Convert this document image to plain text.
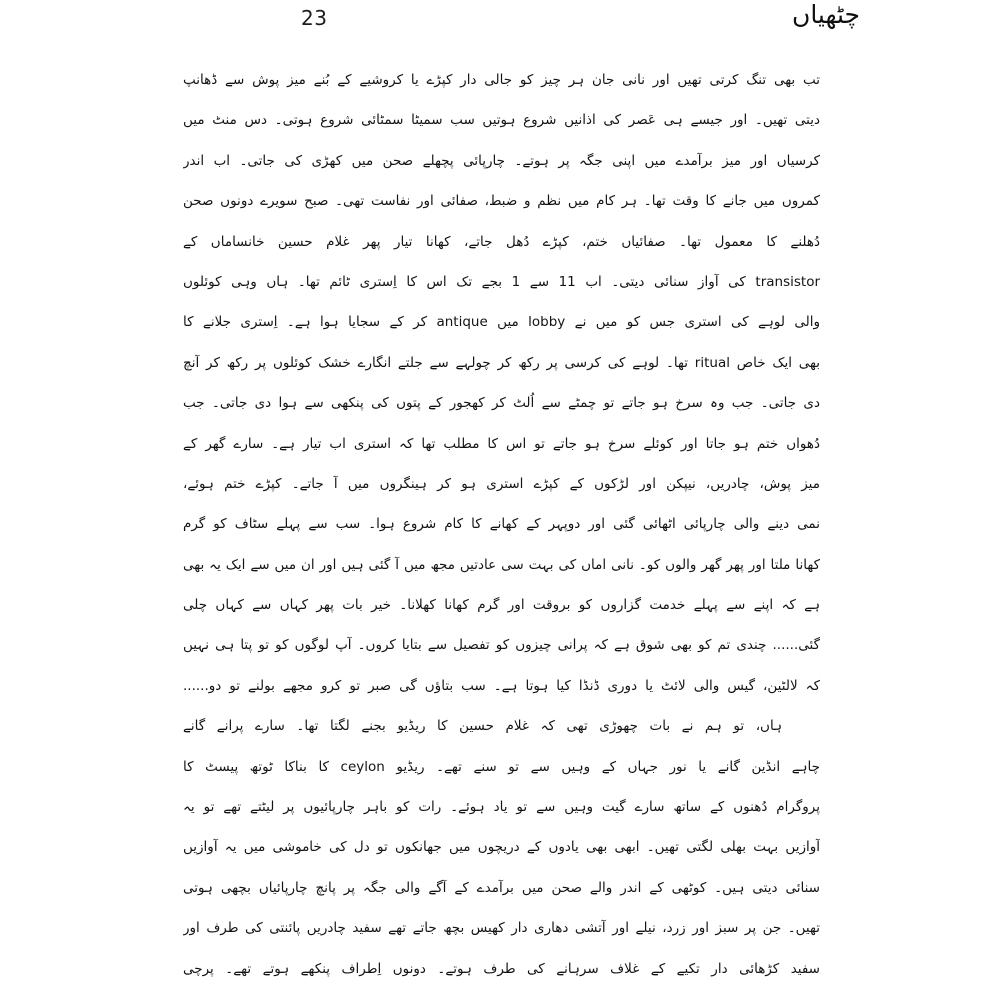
23	چٹھیاں
تب بھی تنگ کرتی تھیں اور نانی جان ہر چیز کو جالی دار کپڑے یا کروشیے کے بُنے میز پوش سے ڈھانپ
دیتی تھیں۔ اور جیسے ہی عَصر کی اذانیں شروع ہوتیں سب سمیٹا سمٹائی شروع ہوتی۔ دس منٹ میں
کرسیاں اور میز برآمدے میں اپنی جگہ پر ہوتے۔ چارپائی پچھلے صحن میں کھڑی کی جاتی۔ اب اندر
کمروں میں جانے کا وقت تھا۔ ہر کام میں نظم و ضبط، صفائی اور نفاست تھی۔ صبح سویرے دونوں صحن
دُھلنے کا معمول تھا۔ صفائیاں ختم، کپڑے دُھل جاتے، کھانا تیار پھر غلام حسین خانساماں کے
transistor کی آواز سنائی دیتی۔ اب 11 سے 1 بجے تک اس کا اِستری ٹائم تھا۔ ہاں وہی کوئلوں
والی لوہے کی استری جس کو میں نے lobby میں antique کر کے سجایا ہوا ہے۔ اِستری جلانے کا
بھی ایک خاص ritual تھا۔ لوہے کی کرسی پر رکھ کر چولہے سے جلتے انگارے خشک کوئلوں پر رکھ کر آنچ
دی جاتی۔ جب وہ سرخ ہو جاتے تو چمٹے سے اُلٹ کر کھجور کے پتوں کی پنکھی سے ہوا دی جاتی۔ جب
دُھواں ختم ہو جاتا اور کوئلے سرخ ہو جاتے تو اس کا مطلب تھا کہ استری اب تیار ہے۔ سارے گھر کے
میز پوش، چادریں، نیپکن اور لڑکوں کے کپڑے استری ہو کر ہینگروں میں آ جاتے۔ کپڑے ختم ہوئے،
نمی دینے والی چارپائی اٹھائی گئی اور دوپہر کے کھانے کا کام شروع ہوا۔ سب سے پہلے سٹاف کو گرم
کھانا ملتا اور پھر گھر والوں کو۔ نانی اماں کی بہت سی عادتیں مجھ میں آ گئی ہیں اور ان میں سے ایک یہ بھی
ہے کہ اپنے سے پہلے خدمت گزاروں کو بروقت اور گرم کھانا کھلانا۔ خیر بات پھر کہاں سے کہاں چلی
گئی...... چندی تم کو بھی شوق ہے کہ پرانی چیزوں کو تفصیل سے بتایا کروں۔ آپ لوگوں کو تو پتا ہی نہیں
کہ لالٹین، گیس والی لائٹ یا دوری ڈنڈا کیا ہوتا ہے۔ سب بتاؤں گی صبر تو کرو مجھے بولنے تو دو......
ہاں، تو ہم نے بات چھوڑی تھی کہ غلام حسین کا ریڈیو بجنے لگتا تھا۔ سارے پرانے گانے
چاہے انڈین گانے یا نور جہاں کے وہیں سے تو سنے تھے۔ ریڈیو ceylon کا بناکا ٹوتھ پیسٹ کا
پروگرام دُھنوں کے ساتھ سارے گیت وہیں سے تو یاد ہوئے۔ رات کو باہر چارپائیوں پر لیٹتے تھے تو یہ
آوازیں بہت بھلی لگتی تھیں۔ ابھی بھی یادوں کے دریچوں میں جھانکوں تو دل کی خاموشی میں یہ آوازیں
سنائی دیتی ہیں۔ کوٹھی کے اندر والے صحن میں برآمدے کے آگے والی جگہ پر پانچ چارپائیاں بچھی ہوتی
تھیں۔ جن پر سبز اور زرد، نیلے اور آتشی دھاری دار کھیس بچھ جاتے تھے سفید چادریں پائنتی کی طرف اور
سفید کڑھائی دار تکیے کے غلاف سرہانے کی طرف ہوتے۔ دونوں اِطراف پنکھے ہوتے تھے۔ پرچی
